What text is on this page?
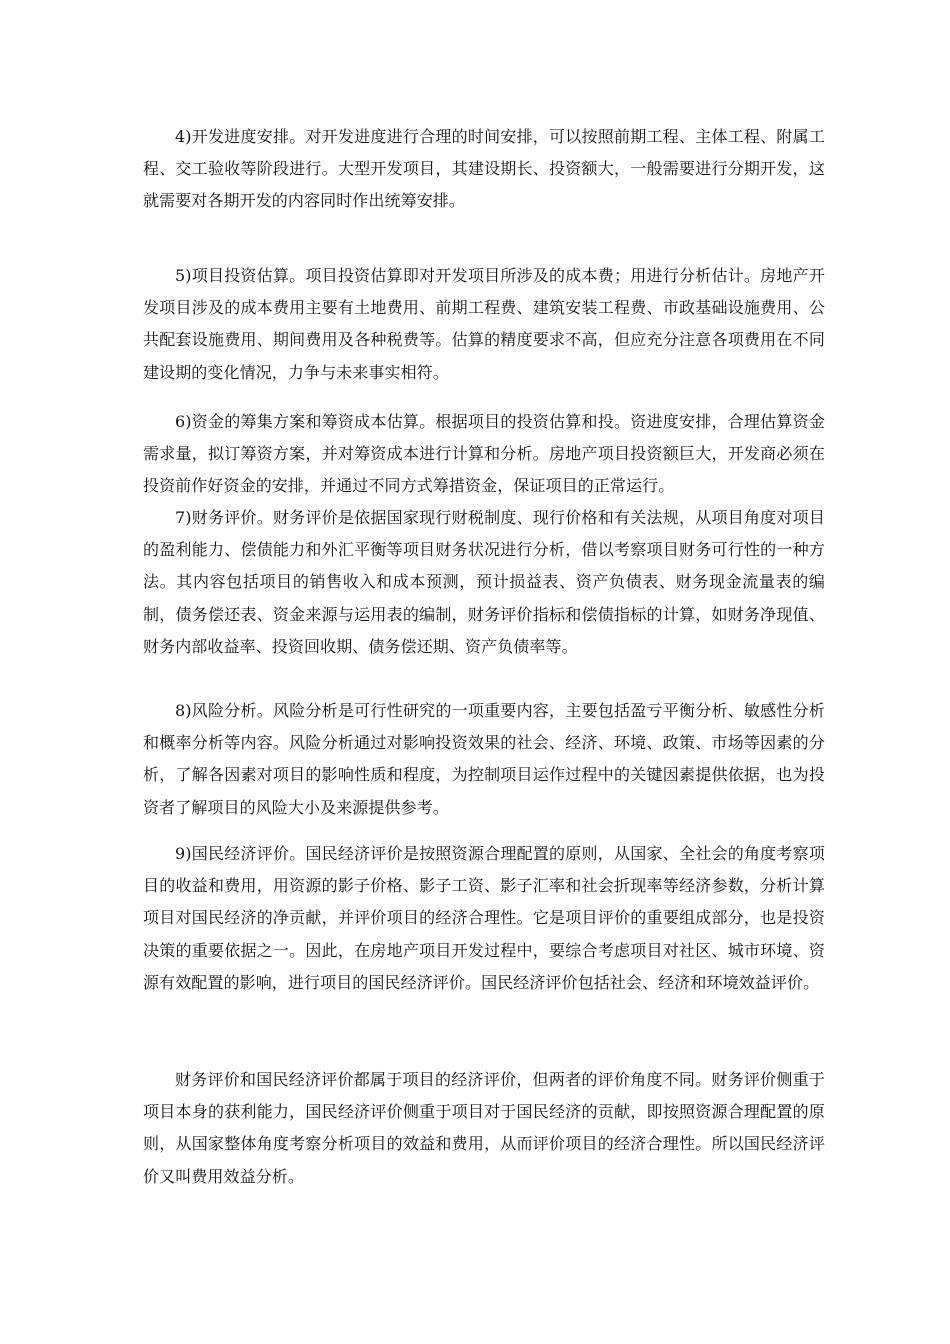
4)开发进度安排。对开发进度进行合理的时间安排，可以按照前期工程、主体工程、附属工程、交工验收等阶段进行。大型开发项目，其建设期长、投资额大，一般需要进行分期开发，这就需要对各期开发的内容同时作出统筹安排。

5)项目投资估算。项目投资估算即对开发项目所涉及的成本费；用进行分析估计。房地产开发项目涉及的成本费用主要有土地费用、前期工程费、建筑安装工程费、市政基础设施费用、公共配套设施费用、期间费用及各种税费等。估算的精度要求不高，但应充分注意各项费用在不同建设期的变化情况，力争与未来事实相符。

6)资金的筹集方案和筹资成本估算。根据项目的投资估算和投。资进度安排，合理估算资金需求量，拟订筹资方案，并对筹资成本进行计算和分析。房地产项目投资额巨大，开发商必须在投资前作好资金的安排，并通过不同方式筹措资金，保证项目的正常运行。

7)财务评价。财务评价是依据国家现行财税制度、现行价格和有关法规，从项目角度对项目的盈利能力、偿债能力和外汇平衡等项目财务状况进行分析，借以考察项目财务可行性的一种方法。其内容包括项目的销售收入和成本预测，预计损益表、资产负债表、财务现金流量表的编制，债务偿还表、资金来源与运用表的编制，财务评价指标和偿债指标的计算，如财务净现值、财务内部收益率、投资回收期、债务偿还期、资产负债率等。

8)风险分析。风险分析是可行性研究的一项重要内容，主要包括盈亏平衡分析、敏感性分析和概率分析等内容。风险分析通过对影响投资效果的社会、经济、环境、政策、市场等因素的分析，了解各因素对项目的影响性质和程度，为控制项目运作过程中的关键因素提供依据，也为投资者了解项目的风险大小及来源提供参考。

9)国民经济评价。国民经济评价是按照资源合理配置的原则，从国家、全社会的角度考察项目的收益和费用，用资源的影子价格、影子工资、影子汇率和社会折现率等经济参数，分析计算项目对国民经济的净贡献，并评价项目的经济合理性。它是项目评价的重要组成部分，也是投资决策的重要依据之一。因此，在房地产项目开发过程中，要综合考虑项目对社区、城市环境、资源有效配置的影响，进行项目的国民经济评价。国民经济评价包括社会、经济和环境效益评价。

财务评价和国民经济评价都属于项目的经济评价，但两者的评价角度不同。财务评价侧重于项目本身的获利能力，国民经济评价侧重于项目对于国民经济的贡献，即按照资源合理配置的原则，从国家整体角度考察分析项目的效益和费用，从而评价项目的经济合理性。所以国民经济评价又叫费用效益分析。
